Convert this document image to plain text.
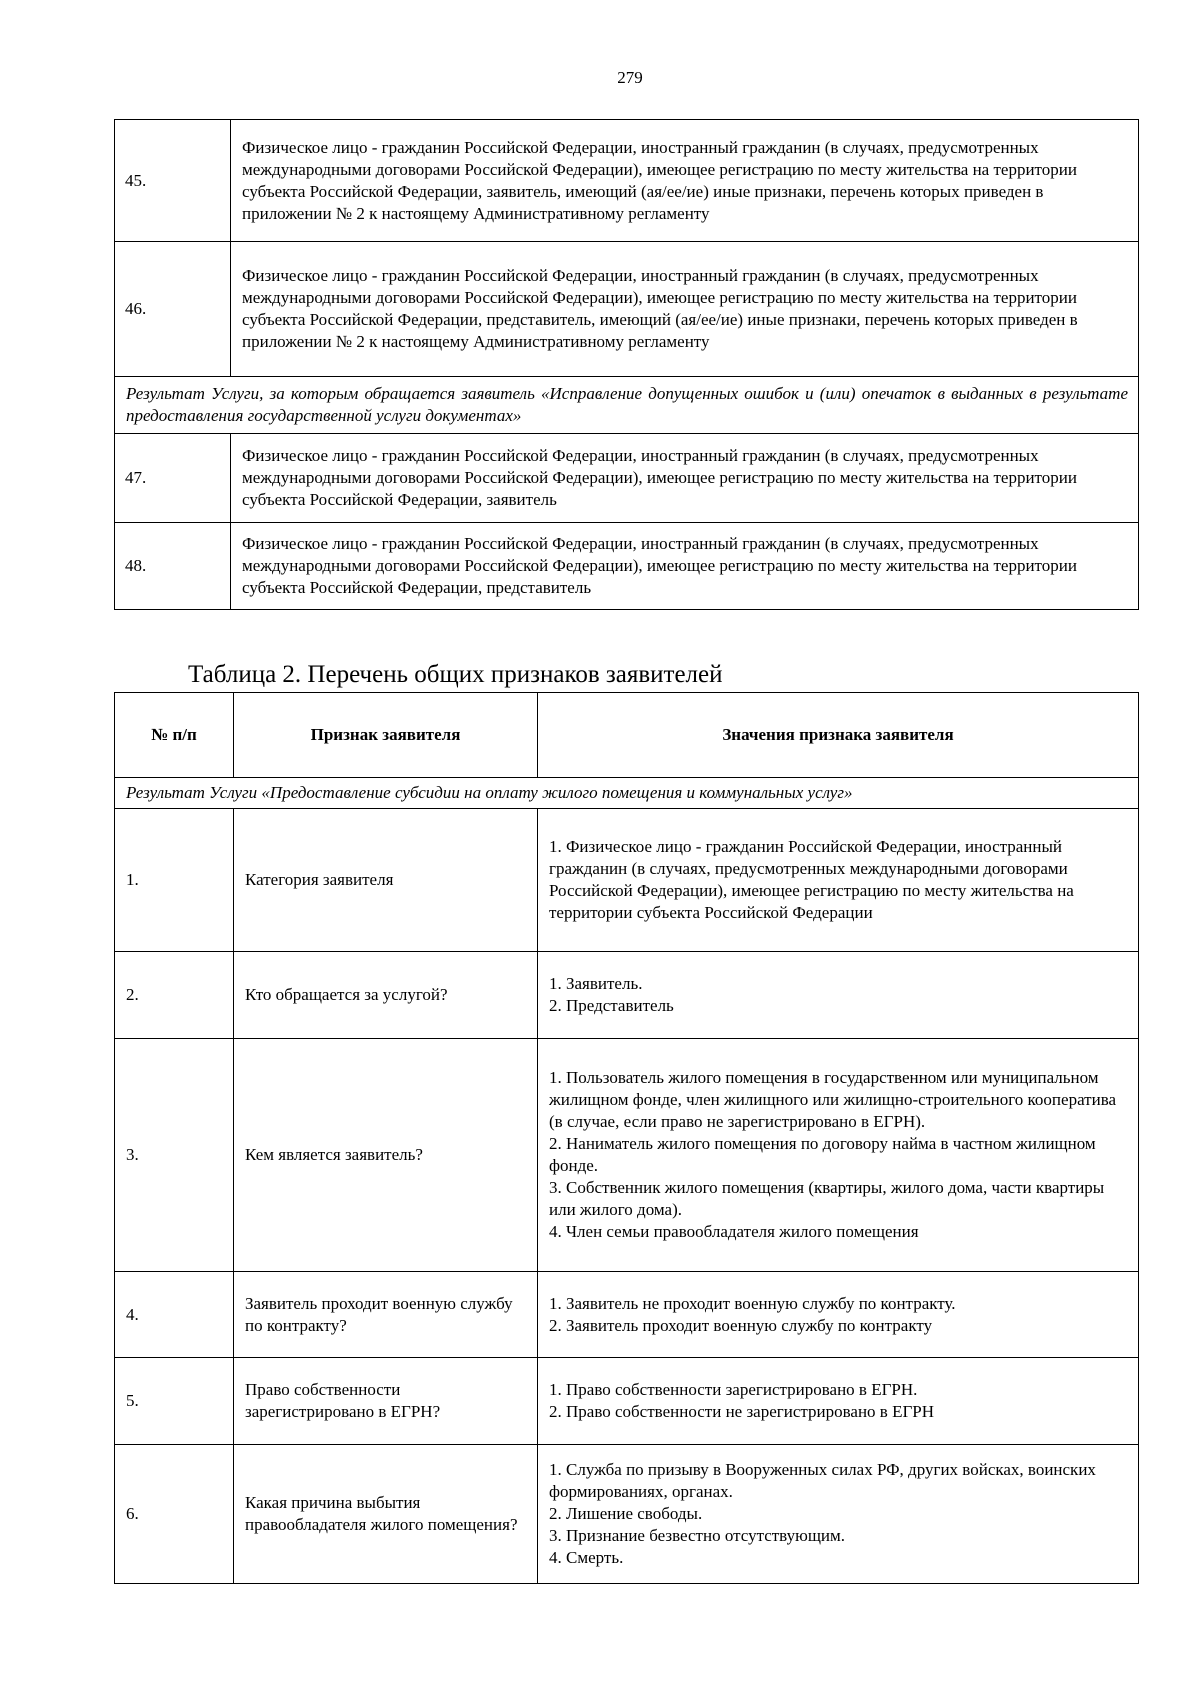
279
45.	Физическое лицо - гражданин Российской Федерации, иностранный гражданин (в случаях, предусмотренных международными договорами Российской Федерации), имеющее регистрацию по месту жительства на территории субъекта Российской Федерации, заявитель, имеющий (ая/ее/ие) иные признаки, перечень которых приведен в приложении № 2 к настоящему Административному регламенту
46.	Физическое лицо - гражданин Российской Федерации, иностранный гражданин (в случаях, предусмотренных международными договорами Российской Федерации), имеющее регистрацию по месту жительства на территории субъекта Российской Федерации, представитель, имеющий (ая/ее/ие) иные признаки, перечень которых приведен в приложении № 2 к настоящему Административному регламенту
Результат Услуги, за которым обращается заявитель «Исправление допущенных ошибок и (или) опечаток в выданных в результате предоставления государственной услуги документах»	
47.	Физическое лицо - гражданин Российской Федерации, иностранный гражданин (в случаях, предусмотренных международными договорами Российской Федерации), имеющее регистрацию по месту жительства на территории субъекта Российской Федерации, заявитель
48.	Физическое лицо - гражданин Российской Федерации, иностранный гражданин (в случаях, предусмотренных международными договорами Российской Федерации), имеющее регистрацию по месту жительства на территории субъекта Российской Федерации, представитель
Таблица 2. Перечень общих признаков заявителей
№ п/п	Признак заявителя	Значения признака заявителя
Результат Услуги «Предоставление субсидии на оплату жилого помещения и коммунальных услуг»		
1.	Категория заявителя	1. Физическое лицо - гражданин Российской Федерации, иностранный гражданин (в случаях, предусмотренных международными договорами Российской Федерации), имеющее регистрацию по месту жительства на территории субъекта Российской Федерации

2.	Кто обращается за услугой?	1. Заявитель.
2. Представитель

3.	Кем является заявитель?	1. Пользователь жилого помещения в государственном или муниципальном жилищном фонде, член жилищного или жилищно-строительного кооператива (в случае, если право не зарегистрировано в ЕГРН).
2. Наниматель жилого помещения по договору найма в частном жилищном фонде.
3. Собственник жилого помещения (квартиры, жилого дома, части квартиры или жилого дома).
4. Член семьи правообладателя жилого помещения

4.	Заявитель проходит военную службу по контракту?	1. Заявитель не проходит военную службу по контракту.
2. Заявитель проходит военную службу по контракту

5.	Право собственности зарегистрировано в ЕГРН?	1. Право собственности зарегистрировано в ЕГРН.
2. Право собственности не зарегистрировано в ЕГРН

6.	Какая причина выбытия правообладателя жилого помещения?	1. Служба по призыву в Вооруженных силах РФ, других войсках, воинских формированиях, органах.
2. Лишение свободы.
3. Признание безвестно отсутствующим.
4. Смерть.
